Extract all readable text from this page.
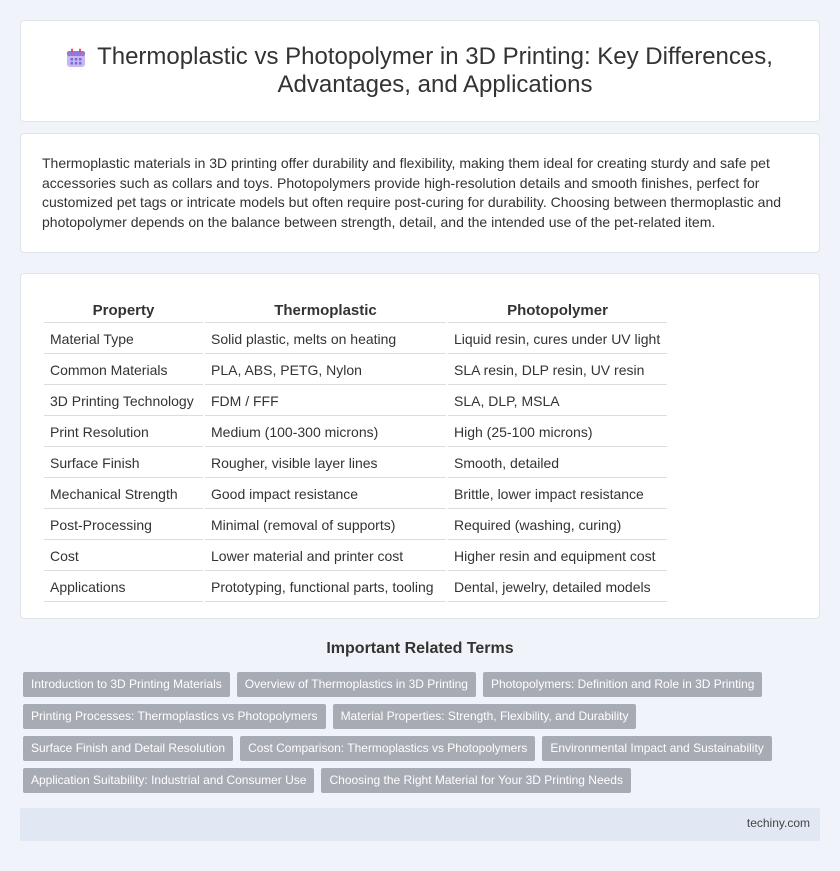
Thermoplastic vs Photopolymer in 3D Printing: Key Differences, Advantages, and Applications

Thermoplastic materials in 3D printing offer durability and flexibility, making them ideal for creating sturdy and safe pet accessories such as collars and toys. Photopolymers provide high-resolution details and smooth finishes, perfect for customized pet tags or intricate models but often require post-curing for durability. Choosing between thermoplastic and photopolymer depends on the balance between strength, detail, and the intended use of the pet-related item.

Property	Thermoplastic	Photopolymer
Material Type	Solid plastic, melts on heating	Liquid resin, cures under UV light
Common Materials	PLA, ABS, PETG, Nylon	SLA resin, DLP resin, UV resin
3D Printing Technology	FDM / FFF	SLA, DLP, MSLA
Print Resolution	Medium (100-300 microns)	High (25-100 microns)
Surface Finish	Rougher, visible layer lines	Smooth, detailed
Mechanical Strength	Good impact resistance	Brittle, lower impact resistance
Post-Processing	Minimal (removal of supports)	Required (washing, curing)
Cost	Lower material and printer cost	Higher resin and equipment cost
Applications	Prototyping, functional parts, tooling	Dental, jewelry, detailed models
Important Related Terms
Introduction to 3D Printing Materials	Overview of Thermoplastics in 3D Printing	Photopolymers: Definition and Role in 3D Printing
Printing Processes: Thermoplastics vs Photopolymers	Material Properties: Strength, Flexibility, and Durability
Surface Finish and Detail Resolution	Cost Comparison: Thermoplastics vs Photopolymers	Environmental Impact and Sustainability
Application Suitability: Industrial and Consumer Use	Choosing the Right Material for Your 3D Printing Needs
techiny.com
